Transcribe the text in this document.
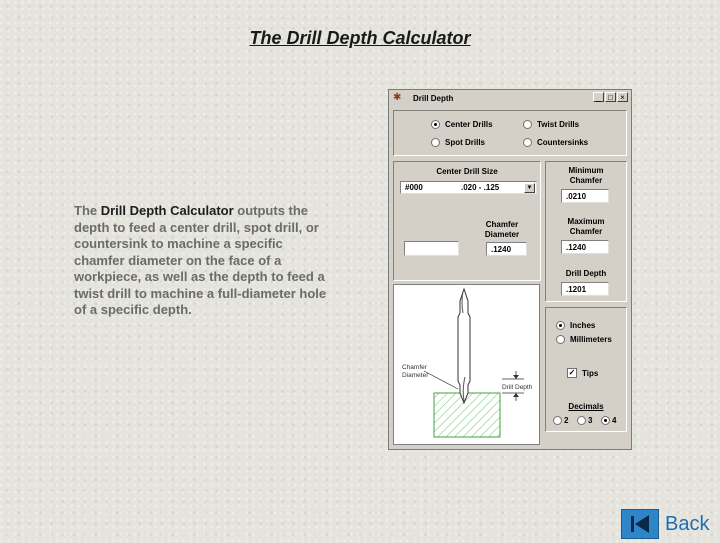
The Drill Depth Calculator
The Drill Depth Calculator outputs the depth to feed a center drill, spot drill, or countersink to machine a specific chamfer diameter on the face of a workpiece, as well as the depth to feed a twist drill to machine a full-diameter hole of a specific depth.
✱ Drill Depth	_ □ ×
Center Drills	Twist Drills
Spot Drills	Countersinks
Center Drill Size
#000	.020 - .125	▼
Chamfer
Diameter
.1240
Minimum
Chamfer
.0210
Maximum
Chamfer
.1240
Drill Depth
.1201
Inches
Millimeters
✓ Tips
Decimals
2 3 4
Chamfer
Diameter
Drill Depth
Back
